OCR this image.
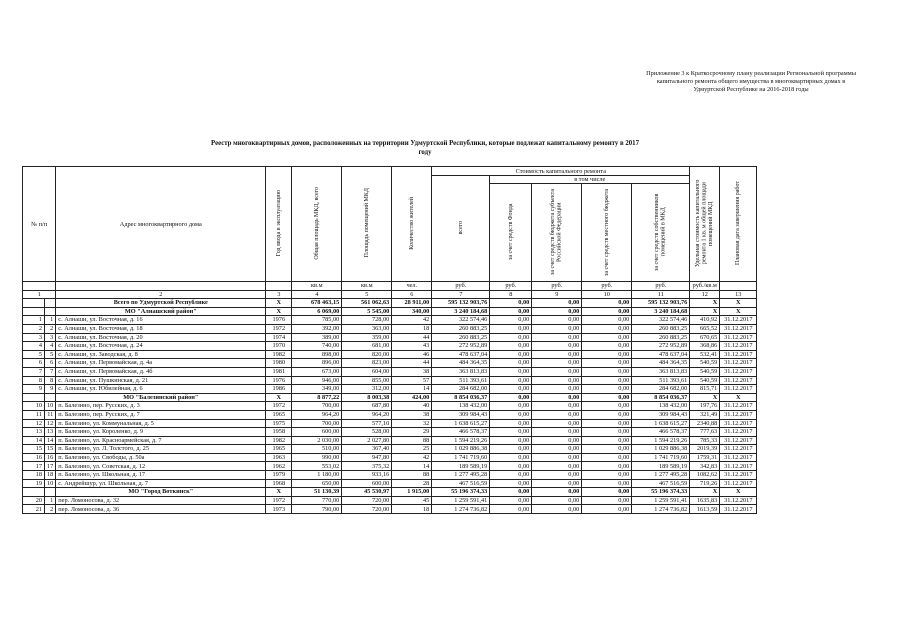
Приложение 3 к Краткосрочному плану реализации Региональной программы капитального ремонта общего имущества в многоквартирных домах в Удмуртской Республике на 2016-2018 годы
Реестр многоквартирных домов, расположенных на территории Удмуртской Республики, которые подлежат капитальному ремонту в 2017 году
№ п/п		Адрес многоквартирного дома	Год ввода в эксплуатацию	Общая площадь МКД, всего	Площадь помещений МКД	Количество жителей	Стоимость капитального ремонта					Удельная стоимость капитального ремонта 1 кв. м общей площади помещений МКД	Плановая дата завершения работ
							всего	в том числе					
								за счет средств Фонда	за счет средств бюджета субъекта Российской Федерации	за счет средств местного бюджета	за счет средств собственников помещений в МКД		
				кв.м	кв.м	чел.	руб.	руб.	руб.	руб.	руб.	руб./кв.м	
1		2	3	4	5	6	7	8	9	10	11	12	13
		Всего по Удмуртской Республике	X	678 463,15	561 062,63	28 911,00	595 132 903,76	0,00	0,00	0,00	595 132 903,76	X	X
		МО "Алнашский район"	X	6 069,00	5 545,00	340,00	3 240 184,68	0,00	0,00	0,00	3 240 184,68	X	X
1	1	с. Алнаши, ул. Восточная, д. 16	1976	785,00	728,00	42	322 574,46	0,00	0,00	0,00	322 574,46	410,92	31.12.2017
2	2	с. Алнаши, ул. Восточная, д. 18	1972	392,00	363,00	18	260 883,25	0,00	0,00	0,00	260 883,25	665,52	31.12.2017
3	3	с. Алнаши, ул. Восточная, д. 20	1974	389,00	359,00	44	260 883,25	0,00	0,00	0,00	260 883,25	670,65	31.12.2017
4	4	с. Алнаши, ул. Восточная, д. 24	1970	740,00	681,00	43	272 952,89	0,00	0,00	0,00	272 952,89	368,86	31.12.2017
5	5	с. Алнаши, ул. Заводская, д. 8	1982	898,00	820,00	46	478 637,04	0,00	0,00	0,00	478 637,04	532,41	31.12.2017
6	6	с. Алнаши, ул. Первомайская, д. 4а	1980	896,00	823,00	44	484 364,35	0,00	0,00	0,00	484 364,35	540,59	31.12.2017
7	7	с. Алнаши, ул. Первомайская, д. 4б	1981	673,00	604,00	38	363 813,83	0,00	0,00	0,00	363 813,83	540,59	31.12.2017
8	8	с. Алнаши, ул. Пушкинская, д. 21	1976	946,00	855,00	57	511 393,61	0,00	0,00	0,00	511 393,61	540,59	31.12.2017
9	9	с. Алнаши, ул. Юбилейная, д. 6	1986	349,00	312,00	14	284 682,00	0,00	0,00	0,00	284 682,00	815,71	31.12.2017
		МО "Балезинский район"	X	8 877,22	8 003,38	424,00	8 854 036,37	0,00	0,00	0,00	8 854 036,37	X	X
10	10	п. Балезино, пер. Русских, д. 3	1972	700,00	687,80	40	138 432,00	0,00	0,00	0,00	138 432,00	197,76	31.12.2017
11	11	п. Балезино, пер. Русских, д. 7	1965	964,20	964,20	38	309 984,43	0,00	0,00	0,00	309 984,43	321,49	31.12.2017
12	12	п. Балезино, ул. Коммунальная, д. 5	1975	700,00	577,10	32	1 638 615,27	0,00	0,00	0,00	1 638 615,27	2340,88	31.12.2017
13	13	п. Балезино, ул. Короленко, д. 9	1958	600,00	528,00	29	466 578,37	0,00	0,00	0,00	466 578,37	777,63	31.12.2017
14	14	п. Балезино, ул. Красноармейская, д. 7	1982	2 030,00	2 027,80	88	1 594 219,26	0,00	0,00	0,00	1 594 219,26	785,33	31.12.2017
15	15	п. Балезино, ул. Л. Толстого, д. 25	1965	510,00	367,40	25	1 029 886,38	0,00	0,00	0,00	1 029 886,38	2019,39	31.12.2017
16	16	п. Балезино, ул. Свободы, д. 50а	1963	990,00	947,80	42	1 741 719,60	0,00	0,00	0,00	1 741 719,60	1759,31	31.12.2017
17	17	п. Балезино, ул. Советская, д. 12	1962	553,02	375,32	14	189 589,19	0,00	0,00	0,00	189 589,19	342,83	31.12.2017
18	18	п. Балезино, ул. Школьная, д. 17	1979	1 180,00	933,16	88	1 277 495,28	0,00	0,00	0,00	1 277 495,28	1082,62	31.12.2017
19	10	с. Андрейшур, ул. Школьная, д. 7	1968	650,00	600,00	28	467 516,59	0,00	0,00	0,00	467 516,59	719,26	31.12.2017
		МО "Город Воткинск"	X	51 130,39	45 530,97	1 915,00	55 196 374,33	0,00	0,00	0,00	55 196 374,33	X	X
20	1	пер. Ломоносова, д. 32	1972	770,00	720,00	45	1 259 591,41	0,00	0,00	0,00	1 259 591,41	1635,83	31.12.2017
21	2	пер. Ломоносова, д. 36	1973	790,00	720,00	18	1 274 736,82	0,00	0,00	0,00	1 274 736,82	1613,59	31.12.2017
